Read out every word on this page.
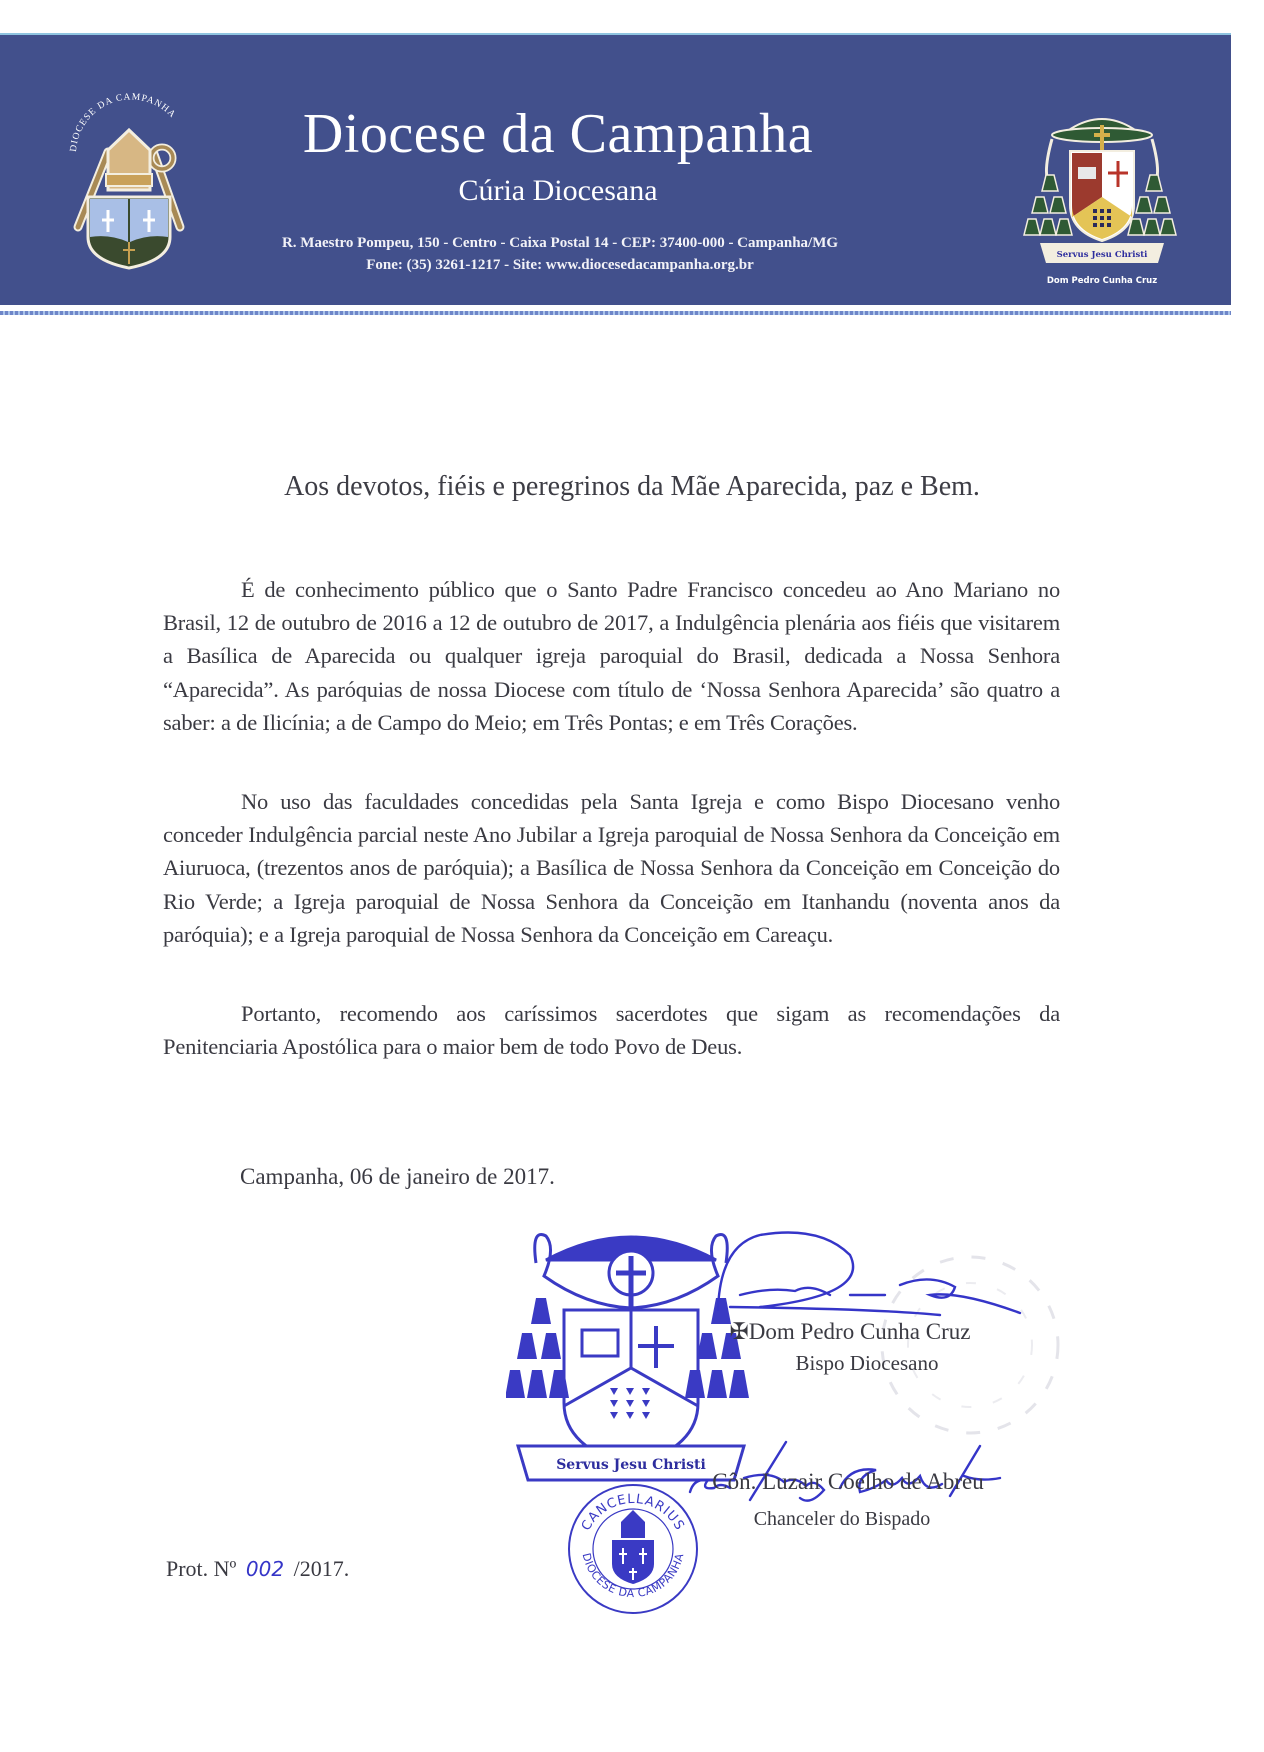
DIOCESE DA CAMPANHA	Diocese da Campanha
Cúria Diocesana
R. Maestro Pompeu, 150 - Centro - Caixa Postal 14 - CEP: 37400-000 - Campanha/MG
Fone: (35) 3261-1217 - Site: www.diocesedacampanha.org.br
Servus Jesu Christi
Dom Pedro Cunha Cruz
Aos devotos, fiéis e peregrinos da Mãe Aparecida, paz e Bem.

É de conhecimento público que o Santo Padre Francisco concedeu ao Ano Mariano no Brasil, 12 de outubro de 2016 a 12 de outubro de 2017, a Indulgência plenária aos fiéis que visitarem a Basílica de Aparecida ou qualquer igreja paroquial do Brasil, dedicada a Nossa Senhora “Aparecida”. As paróquias de nossa Diocese com título de ‘Nossa Senhora Aparecida’ são quatro a saber: a de Ilicínia; a de Campo do Meio; em Três Pontas; e em Três Corações.

No uso das faculdades concedidas pela Santa Igreja e como Bispo Diocesano venho conceder Indulgência parcial neste Ano Jubilar a Igreja paroquial de Nossa Senhora da Conceição em Aiuruoca, (trezentos anos de paróquia); a Basílica de Nossa Senhora da Conceição em Conceição do Rio Verde; a Igreja paroquial de Nossa Senhora da Conceição em Itanhandu (noventa anos da paróquia); e a Igreja paroquial de Nossa Senhora da Conceição em Careaçu.

Portanto, recomendo aos caríssimos sacerdotes que sigam as recomendações da Penitenciaria Apostólica para o maior bem de todo Povo de Deus.

Campanha, 06 de janeiro de 2017.
Servus Jesu Christi
✠Dom Pedro Cunha Cruz
Bispo Diocesano
Côn. Luzair Coelho de Abreu
Chanceler do Bispado
CANCELLARIUS
DIOCESE DA CAMPANHA
Prot. Nº 002 /2017.
